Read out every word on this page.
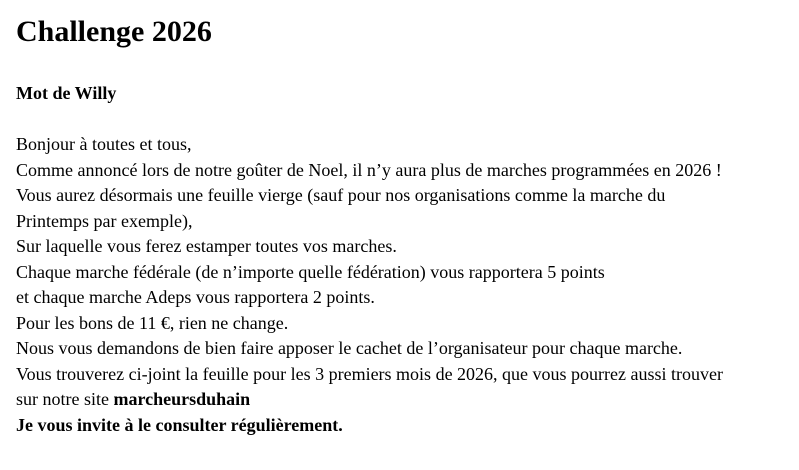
Challenge 2026

Mot de Willy

Bonjour à toutes et tous,
Comme annoncé lors de notre goûter de Noel, il n’y aura plus de marches programmées en 2026 !
Vous aurez désormais une feuille vierge (sauf pour nos organisations comme la marche du
Printemps par exemple),
Sur laquelle vous ferez estamper toutes vos marches.
Chaque marche fédérale (de n’importe quelle fédération) vous rapportera 5 points
et chaque marche Adeps vous rapportera 2 points.
Pour les bons de 11 €, rien ne change.
Nous vous demandons de bien faire apposer le cachet de l’organisateur pour chaque marche.
Vous trouverez ci-joint la feuille pour les 3 premiers mois de 2026, que vous pourrez aussi trouver
sur notre site marcheursduhain
Je vous invite à le consulter régulièrement.
